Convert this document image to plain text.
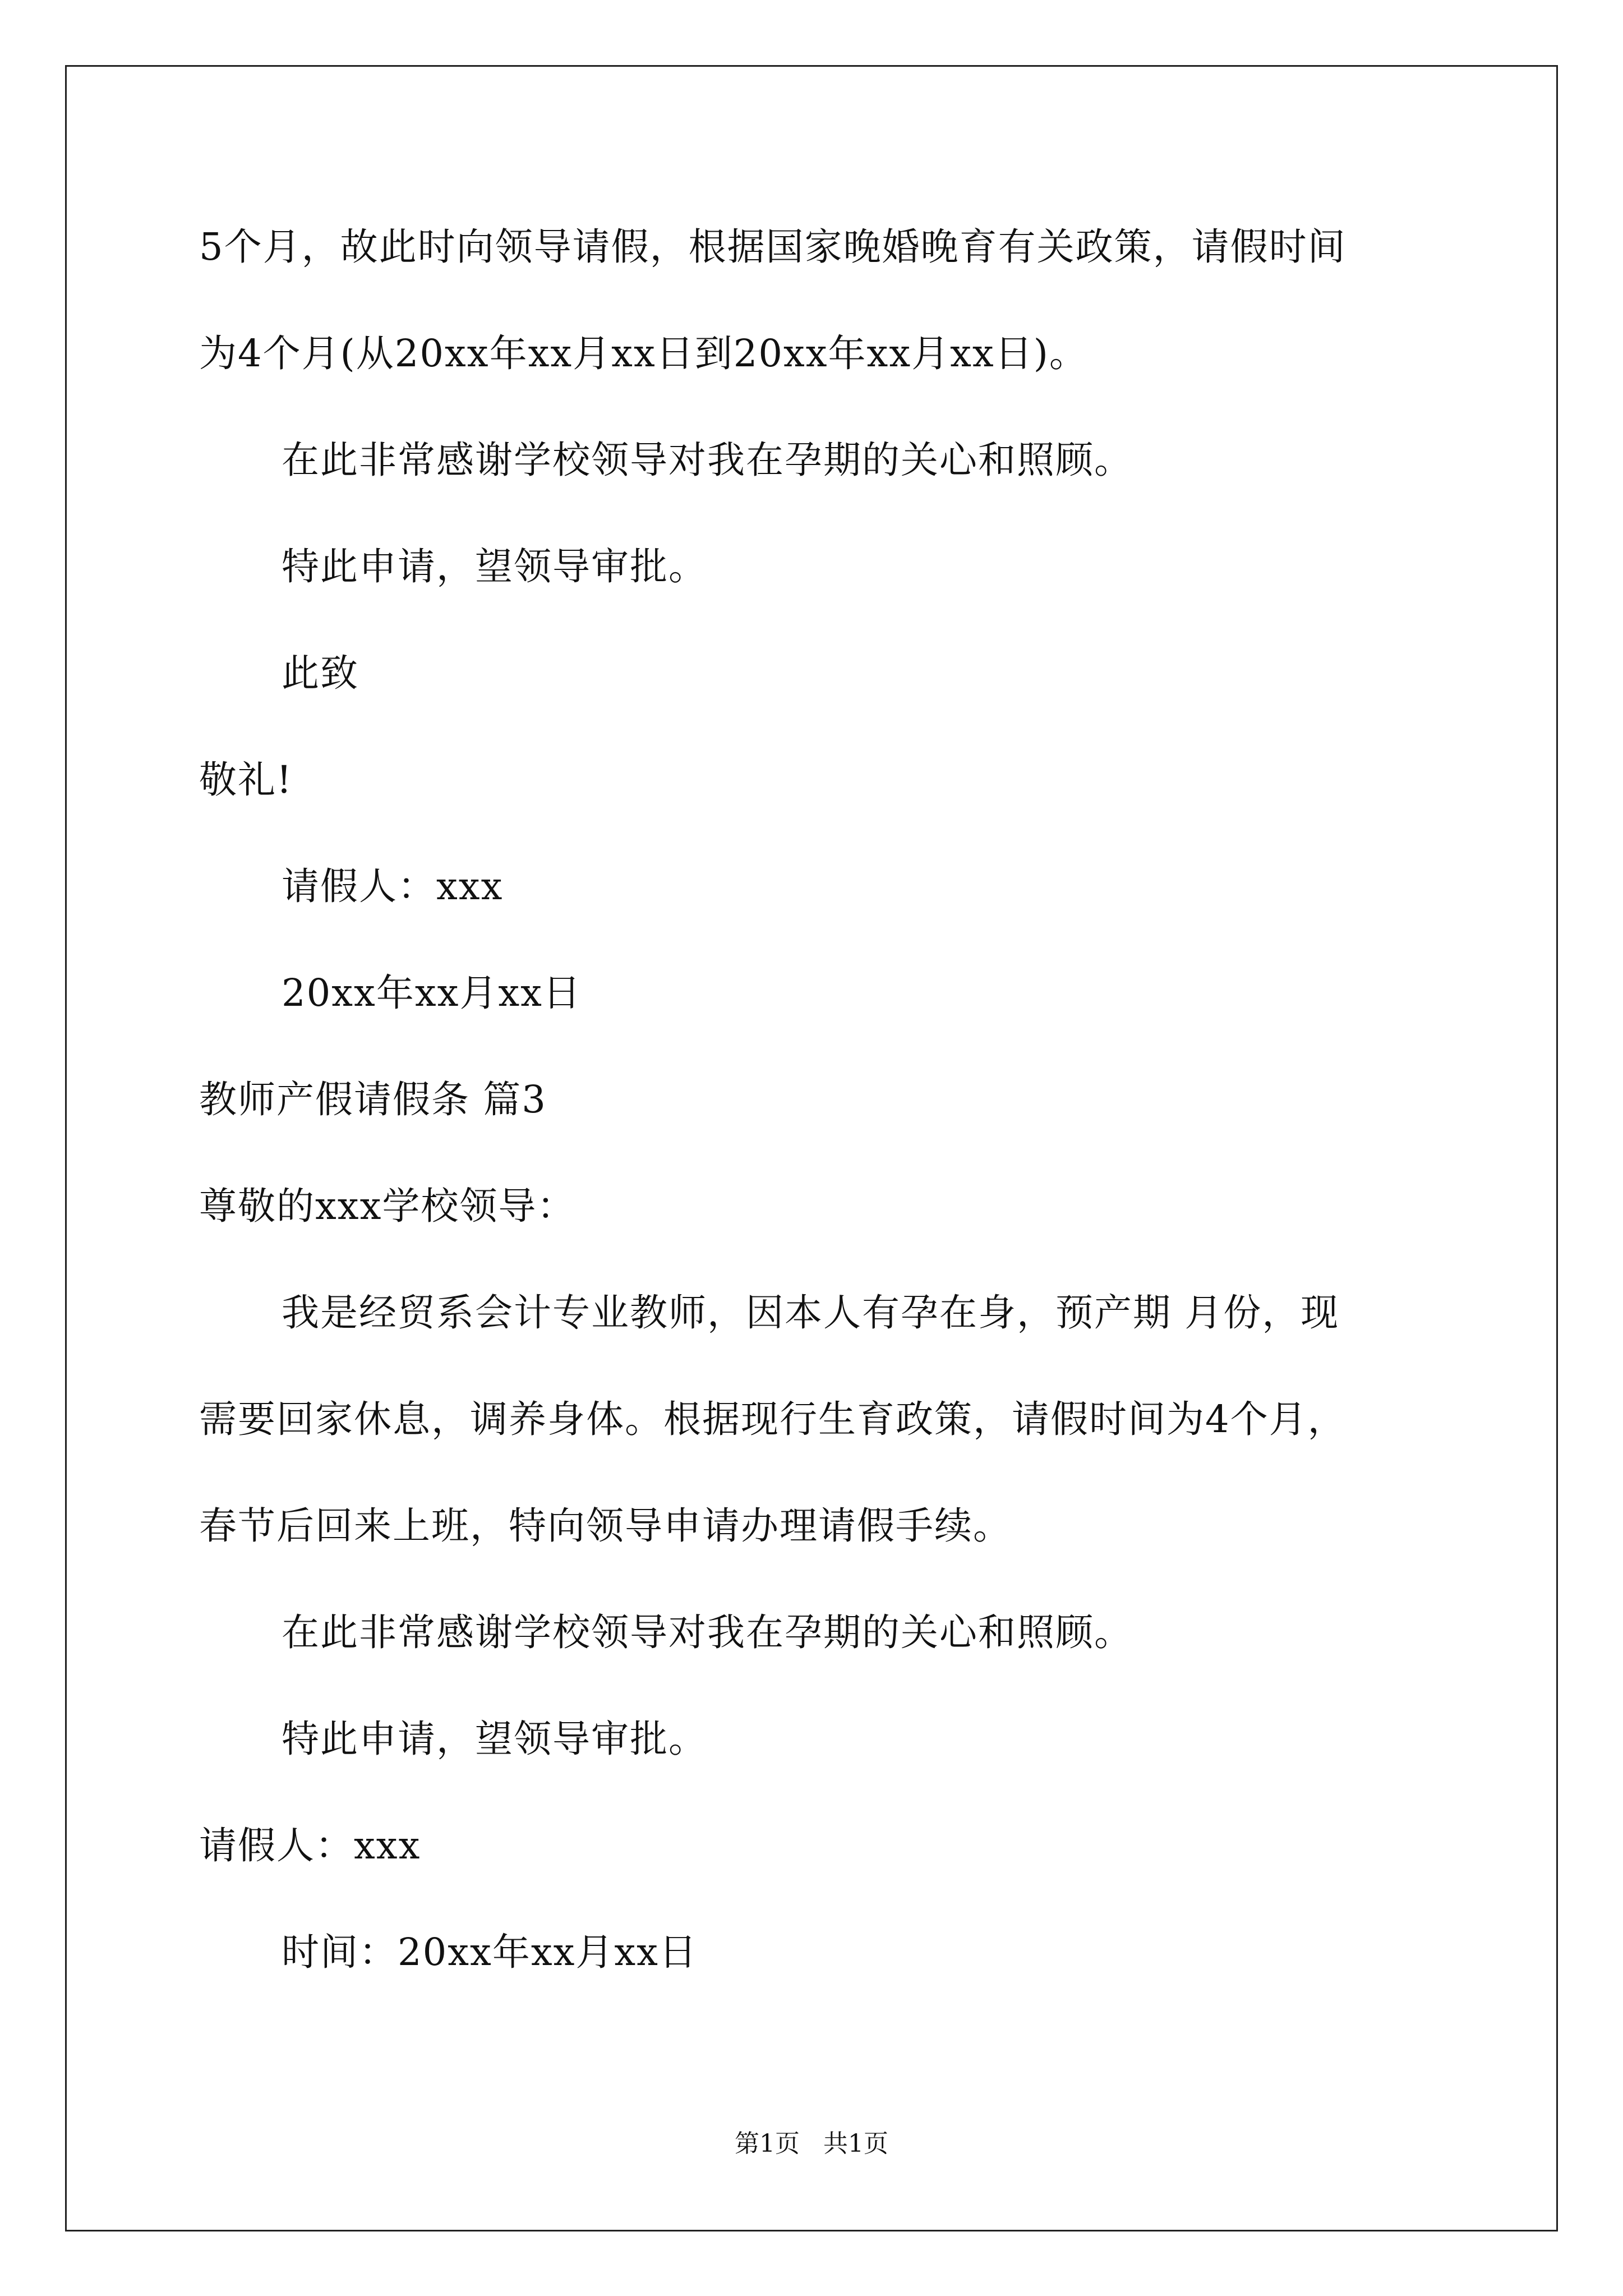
5个月，故此时向领导请假，根据国家晚婚晚育有关政策，请假时间
为4个月(从20xx年xx月xx日到20xx年xx月xx日)。
在此非常感谢学校领导对我在孕期的关心和照顾。
特此申请，望领导审批。
此致
敬礼!
请假人：xxx
20xx年xx月xx日
教师产假请假条 篇3
尊敬的xxx学校领导：
我是经贸系会计专业教师，因本人有孕在身，预产期 月份，现
需要回家休息，调养身体。根据现行生育政策，请假时间为4个月，
春节后回来上班，特向领导申请办理请假手续。
在此非常感谢学校领导对我在孕期的关心和照顾。
特此申请，望领导审批。
请假人：xxx
时间：20xx年xx月xx日
第1页   共1页
